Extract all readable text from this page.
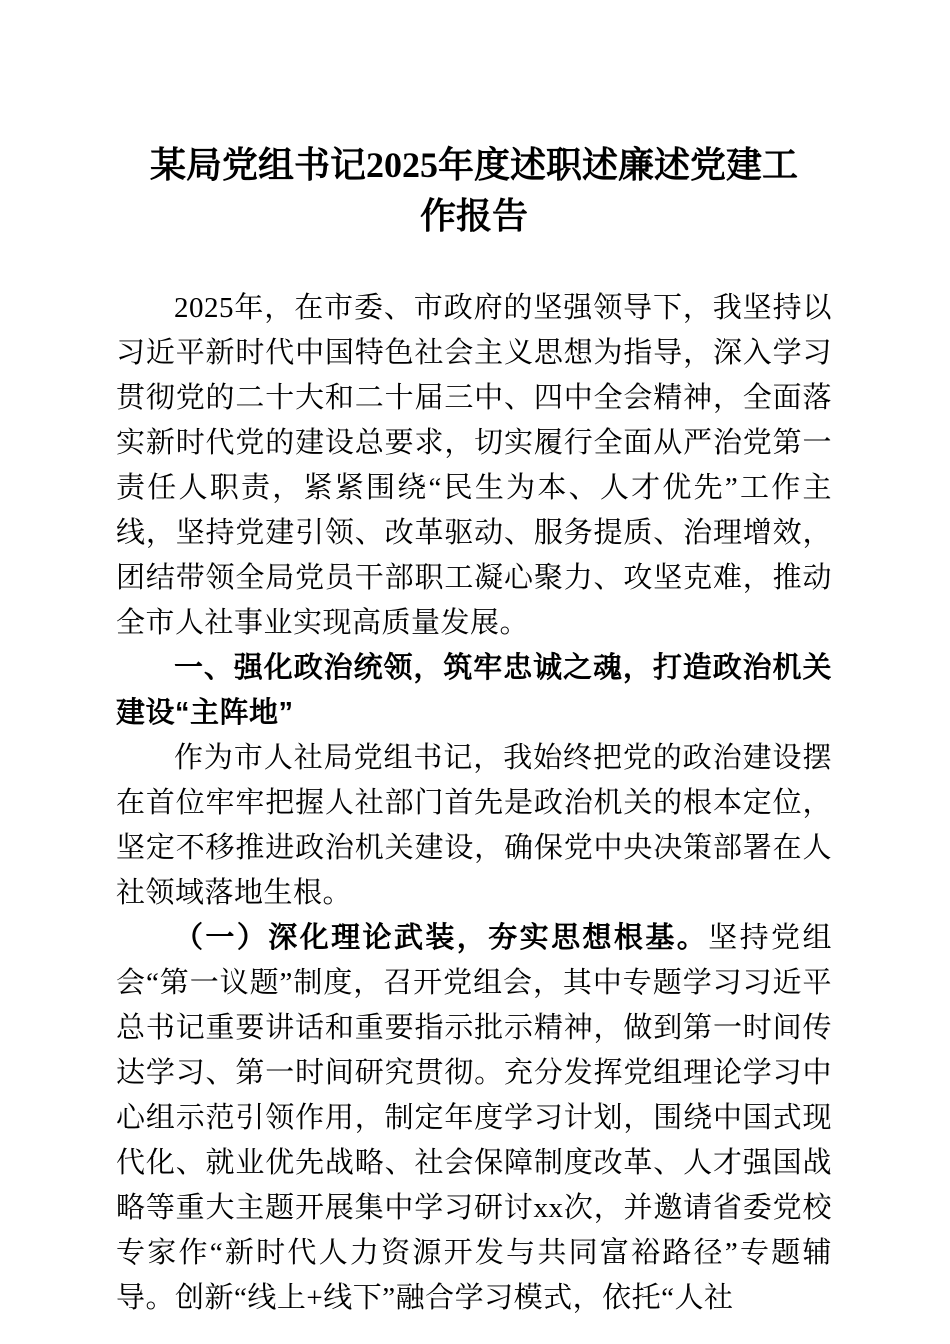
某局党组书记2025年度述职述廉述党建工作报告

2025年，在市委、市政府的坚强领导下，我坚持以习近平新时代中国特色社会主义思想为指导，深入学习贯彻党的二十大和二十届三中、四中全会精神，全面落实新时代党的建设总要求，切实履行全面从严治党第一责任人职责，紧紧围绕“民生为本、人才优先”工作主线，坚持党建引领、改革驱动、服务提质、治理增效，团结带领全局党员干部职工凝心聚力、攻坚克难，推动全市人社事业实现高质量发展。

一、强化政治统领，筑牢忠诚之魂，打造政治机关建设“主阵地”

作为市人社局党组书记，我始终把党的政治建设摆在首位牢牢把握人社部门首先是政治机关的根本定位，坚定不移推进政治机关建设，确保党中央决策部署在人社领域落地生根。

（一）深化理论武装，夯实思想根基。坚持党组会“第一议题”制度，召开党组会，其中专题学习习近平总书记重要讲话和重要指示批示精神，做到第一时间传达学习、第一时间研究贯彻。充分发挥党组理论学习中心组示范引领作用，制定年度学习计划，围绕中国式现代化、就业优先战略、社会保障制度改革、人才强国战略等重大主题开展集中学习研讨xx次，并邀请省委党校专家作“新时代人力资源开发与共同富裕路径”专题辅导。创新“线上+线下”融合学习模式，依托“人社
